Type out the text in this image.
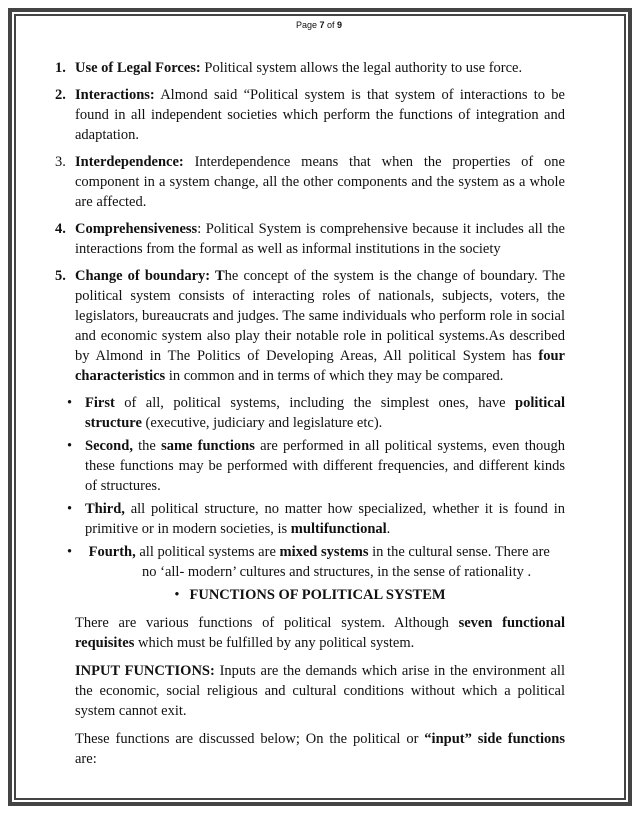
Page 7 of 9
1. Use of Legal Forces: Political system allows the legal authority to use force.
2. Interactions: Almond said “Political system is that system of interactions to be found in all independent societies which perform the functions of integration and adaptation.
3. Interdependence: Interdependence means that when the properties of one component in a system change, all the other components and the system as a whole are affected.
4. Comprehensiveness: Political System is comprehensive because it includes all the interactions from the formal as well as informal institutions in the society
5. Change of boundary: The concept of the system is the change of boundary. The political system consists of interacting roles of nationals, subjects, voters, the legislators, bureaucrats and judges. The same individuals who perform role in social and economic system also play their notable role in political systems.As described by Almond in The Politics of Developing Areas, All political System has four characteristics in common and in terms of which they may be compared.
• First of all, political systems, including the simplest ones, have political structure (executive, judiciary and legislature etc).
• Second, the same functions are performed in all political systems, even though these functions may be performed with different frequencies, and different kinds of structures.
• Third, all political structure, no matter how specialized, whether it is found in primitive or in modern societies, is multifunctional.
• Fourth, all political systems are mixed systems in the cultural sense. There are
no ‘all- modern’ cultures and structures, in the sense of rationality .
• FUNCTIONS OF POLITICAL SYSTEM
There are various functions of political system. Although seven functional requisites which must be fulfilled by any political system.
INPUT FUNCTIONS: Inputs are the demands which arise in the environment all the economic, social religious and cultural conditions without which a political system cannot exit.
These functions are discussed below; On the political or “input” side functions are:
